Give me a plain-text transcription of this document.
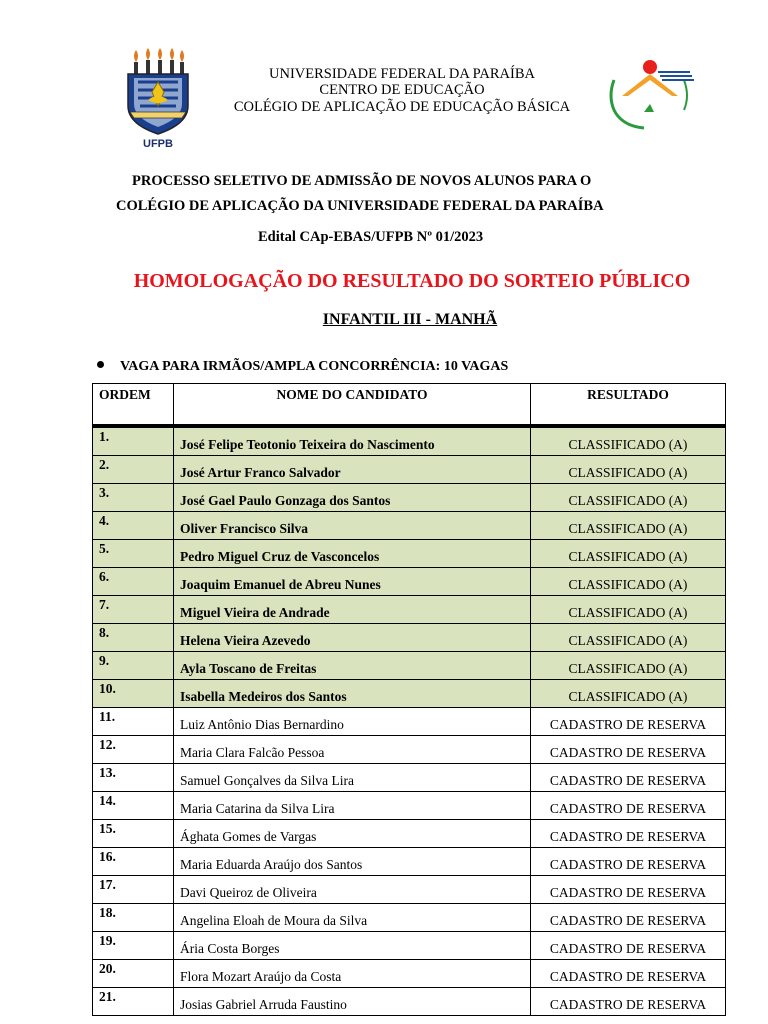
UFPB
UNIVERSIDADE FEDERAL DA PARAÍBA
CENTRO DE EDUCAÇÃO
COLÉGIO DE APLICAÇÃO DE EDUCAÇÃO BÁSICA
PROCESSO SELETIVO DE ADMISSÃO DE NOVOS ALUNOS PARA O
COLÉGIO DE APLICAÇÃO DA UNIVERSIDADE FEDERAL DA PARAÍBA
Edital CAp-EBAS/UFPB Nº 01/2023
HOMOLOGAÇÃO DO RESULTADO DO SORTEIO PÚBLICO
INFANTIL III - MANHÃ
VAGA PARA IRMÃOS/AMPLA CONCORRÊNCIA: 10 VAGAS
ORDEM	NOME DO CANDIDATO	RESULTADO
1.	José Felipe Teotonio Teixeira do Nascimento	CLASSIFICADO (A)
2.	José Artur Franco Salvador	CLASSIFICADO (A)
3.	José Gael Paulo Gonzaga dos Santos	CLASSIFICADO (A)
4.	Oliver Francisco Silva	CLASSIFICADO (A)
5.	Pedro Miguel Cruz de Vasconcelos	CLASSIFICADO (A)
6.	Joaquim Emanuel de Abreu Nunes	CLASSIFICADO (A)
7.	Miguel Vieira de Andrade	CLASSIFICADO (A)
8.	Helena Vieira Azevedo	CLASSIFICADO (A)
9.	Ayla Toscano de Freitas	CLASSIFICADO (A)
10.	Isabella Medeiros dos Santos	CLASSIFICADO (A)
11.	Luiz Antônio Dias Bernardino	CADASTRO DE RESERVA
12.	Maria Clara Falcão Pessoa	CADASTRO DE RESERVA
13.	Samuel Gonçalves da Silva Lira	CADASTRO DE RESERVA
14.	Maria Catarina da Silva Lira	CADASTRO DE RESERVA
15.	Ághata Gomes de Vargas	CADASTRO DE RESERVA
16.	Maria Eduarda Araújo dos Santos	CADASTRO DE RESERVA
17.	Davi Queiroz de Oliveira	CADASTRO DE RESERVA
18.	Angelina Eloah de Moura da Silva	CADASTRO DE RESERVA
19.	Ária Costa Borges	CADASTRO DE RESERVA
20.	Flora Mozart Araújo da Costa	CADASTRO DE RESERVA
21.	Josias Gabriel Arruda Faustino	CADASTRO DE RESERVA
